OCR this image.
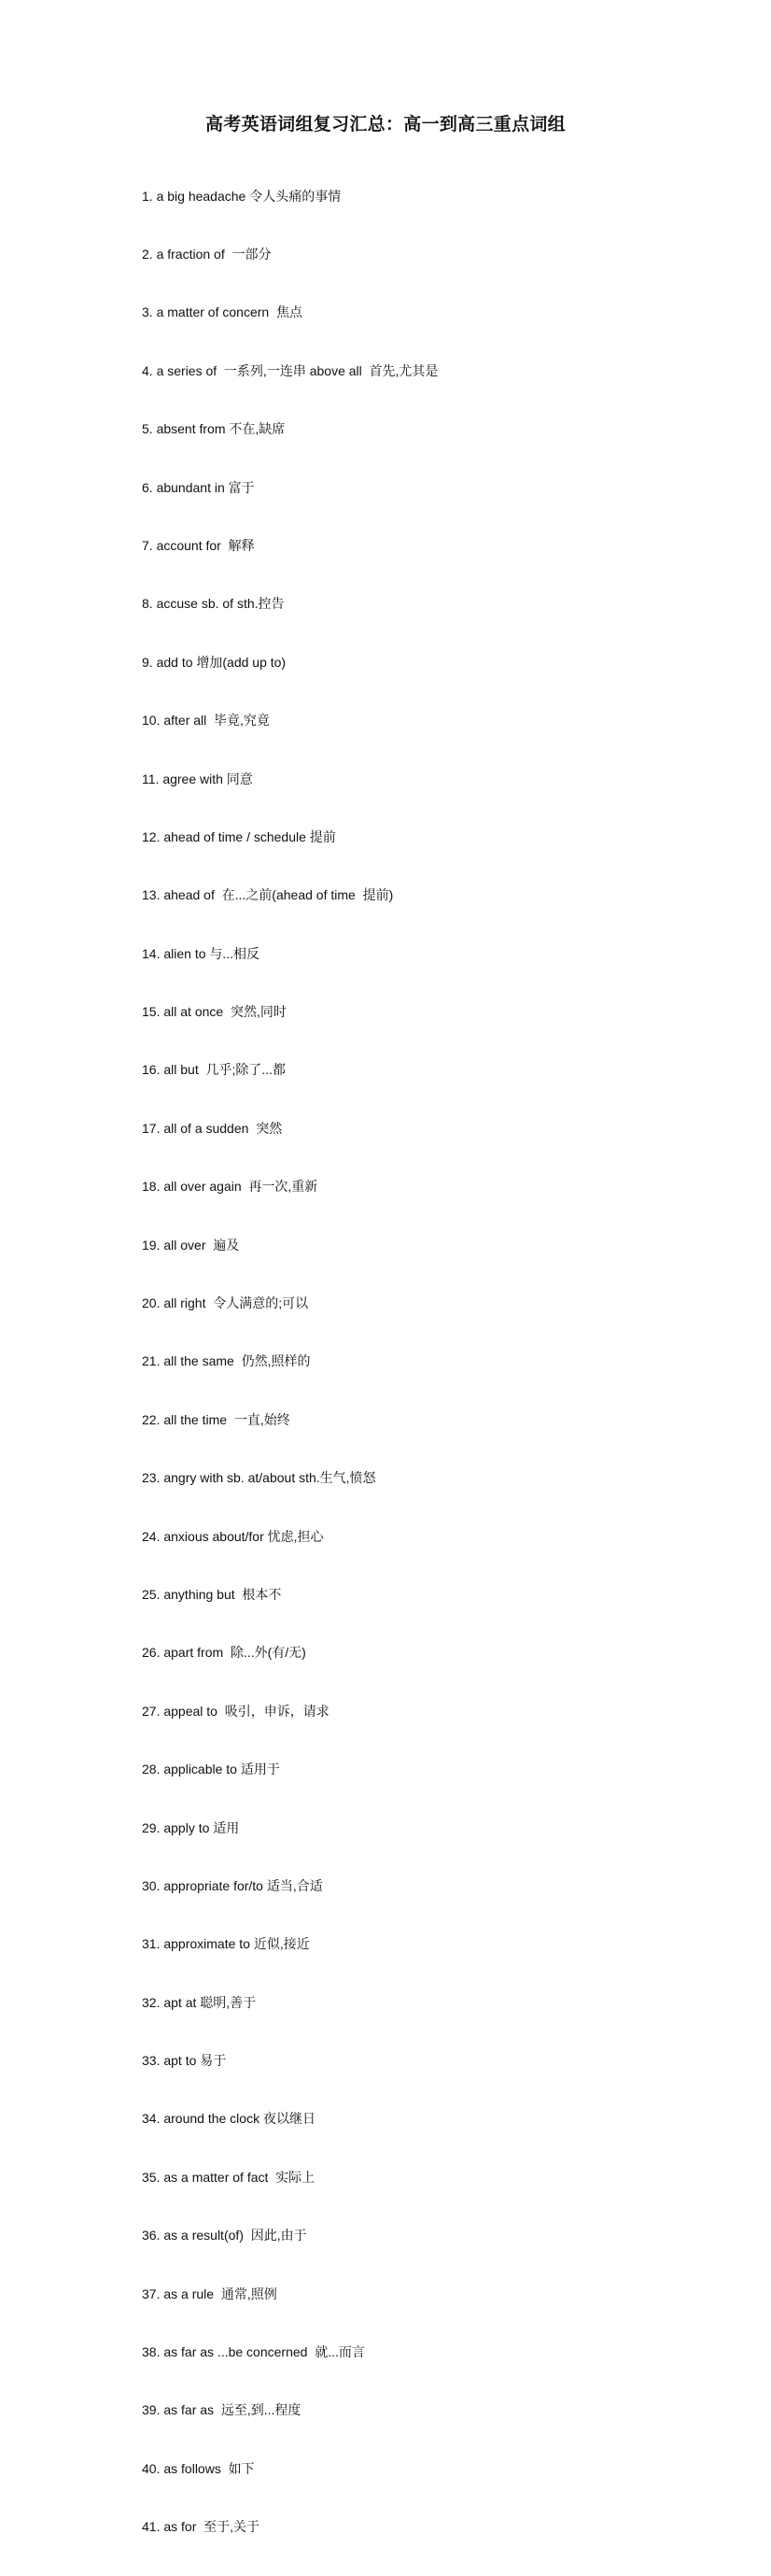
高考英语词组复习汇总：高一到高三重点词组

1. a big headache 令人头痛的事情

2. a fraction of  一部分

3. a matter of concern  焦点

4. a series of  一系列,一连串 above all  首先,尤其是

5. absent from 不在,缺席

6. abundant in 富于

7. account for  解释

8. accuse sb. of sth.控告

9. add to 增加(add up to)

10. after all  毕竟,究竟

11. agree with 同意

12. ahead of time / schedule 提前

13. ahead of  在...之前(ahead of time  提前)

14. alien to 与...相反

15. all at once  突然,同时

16. all but  几乎;除了...都

17. all of a sudden  突然

18. all over again  再一次,重新

19. all over  遍及

20. all right  令人满意的;可以

21. all the same  仍然,照样的

22. all the time  一直,始终

23. angry with sb. at/about sth.生气,愤怒

24. anxious about/for 忧虑,担心

25. anything but  根本不

26. apart from  除...外(有/无)

27. appeal to  吸引，申诉，请求

28. applicable to 适用于

29. apply to 适用

30. appropriate for/to 适当,合适

31. approximate to 近似,接近

32. apt at 聪明,善于

33. apt to 易于

34. around the clock 夜以继日

35. as a matter of fact  实际上

36. as a result(of)  因此,由于

37. as a rule  通常,照例

38. as far as ...be concerned  就...而言

39. as far as  远至,到...程度

40. as follows  如下

41. as for  至于,关于
